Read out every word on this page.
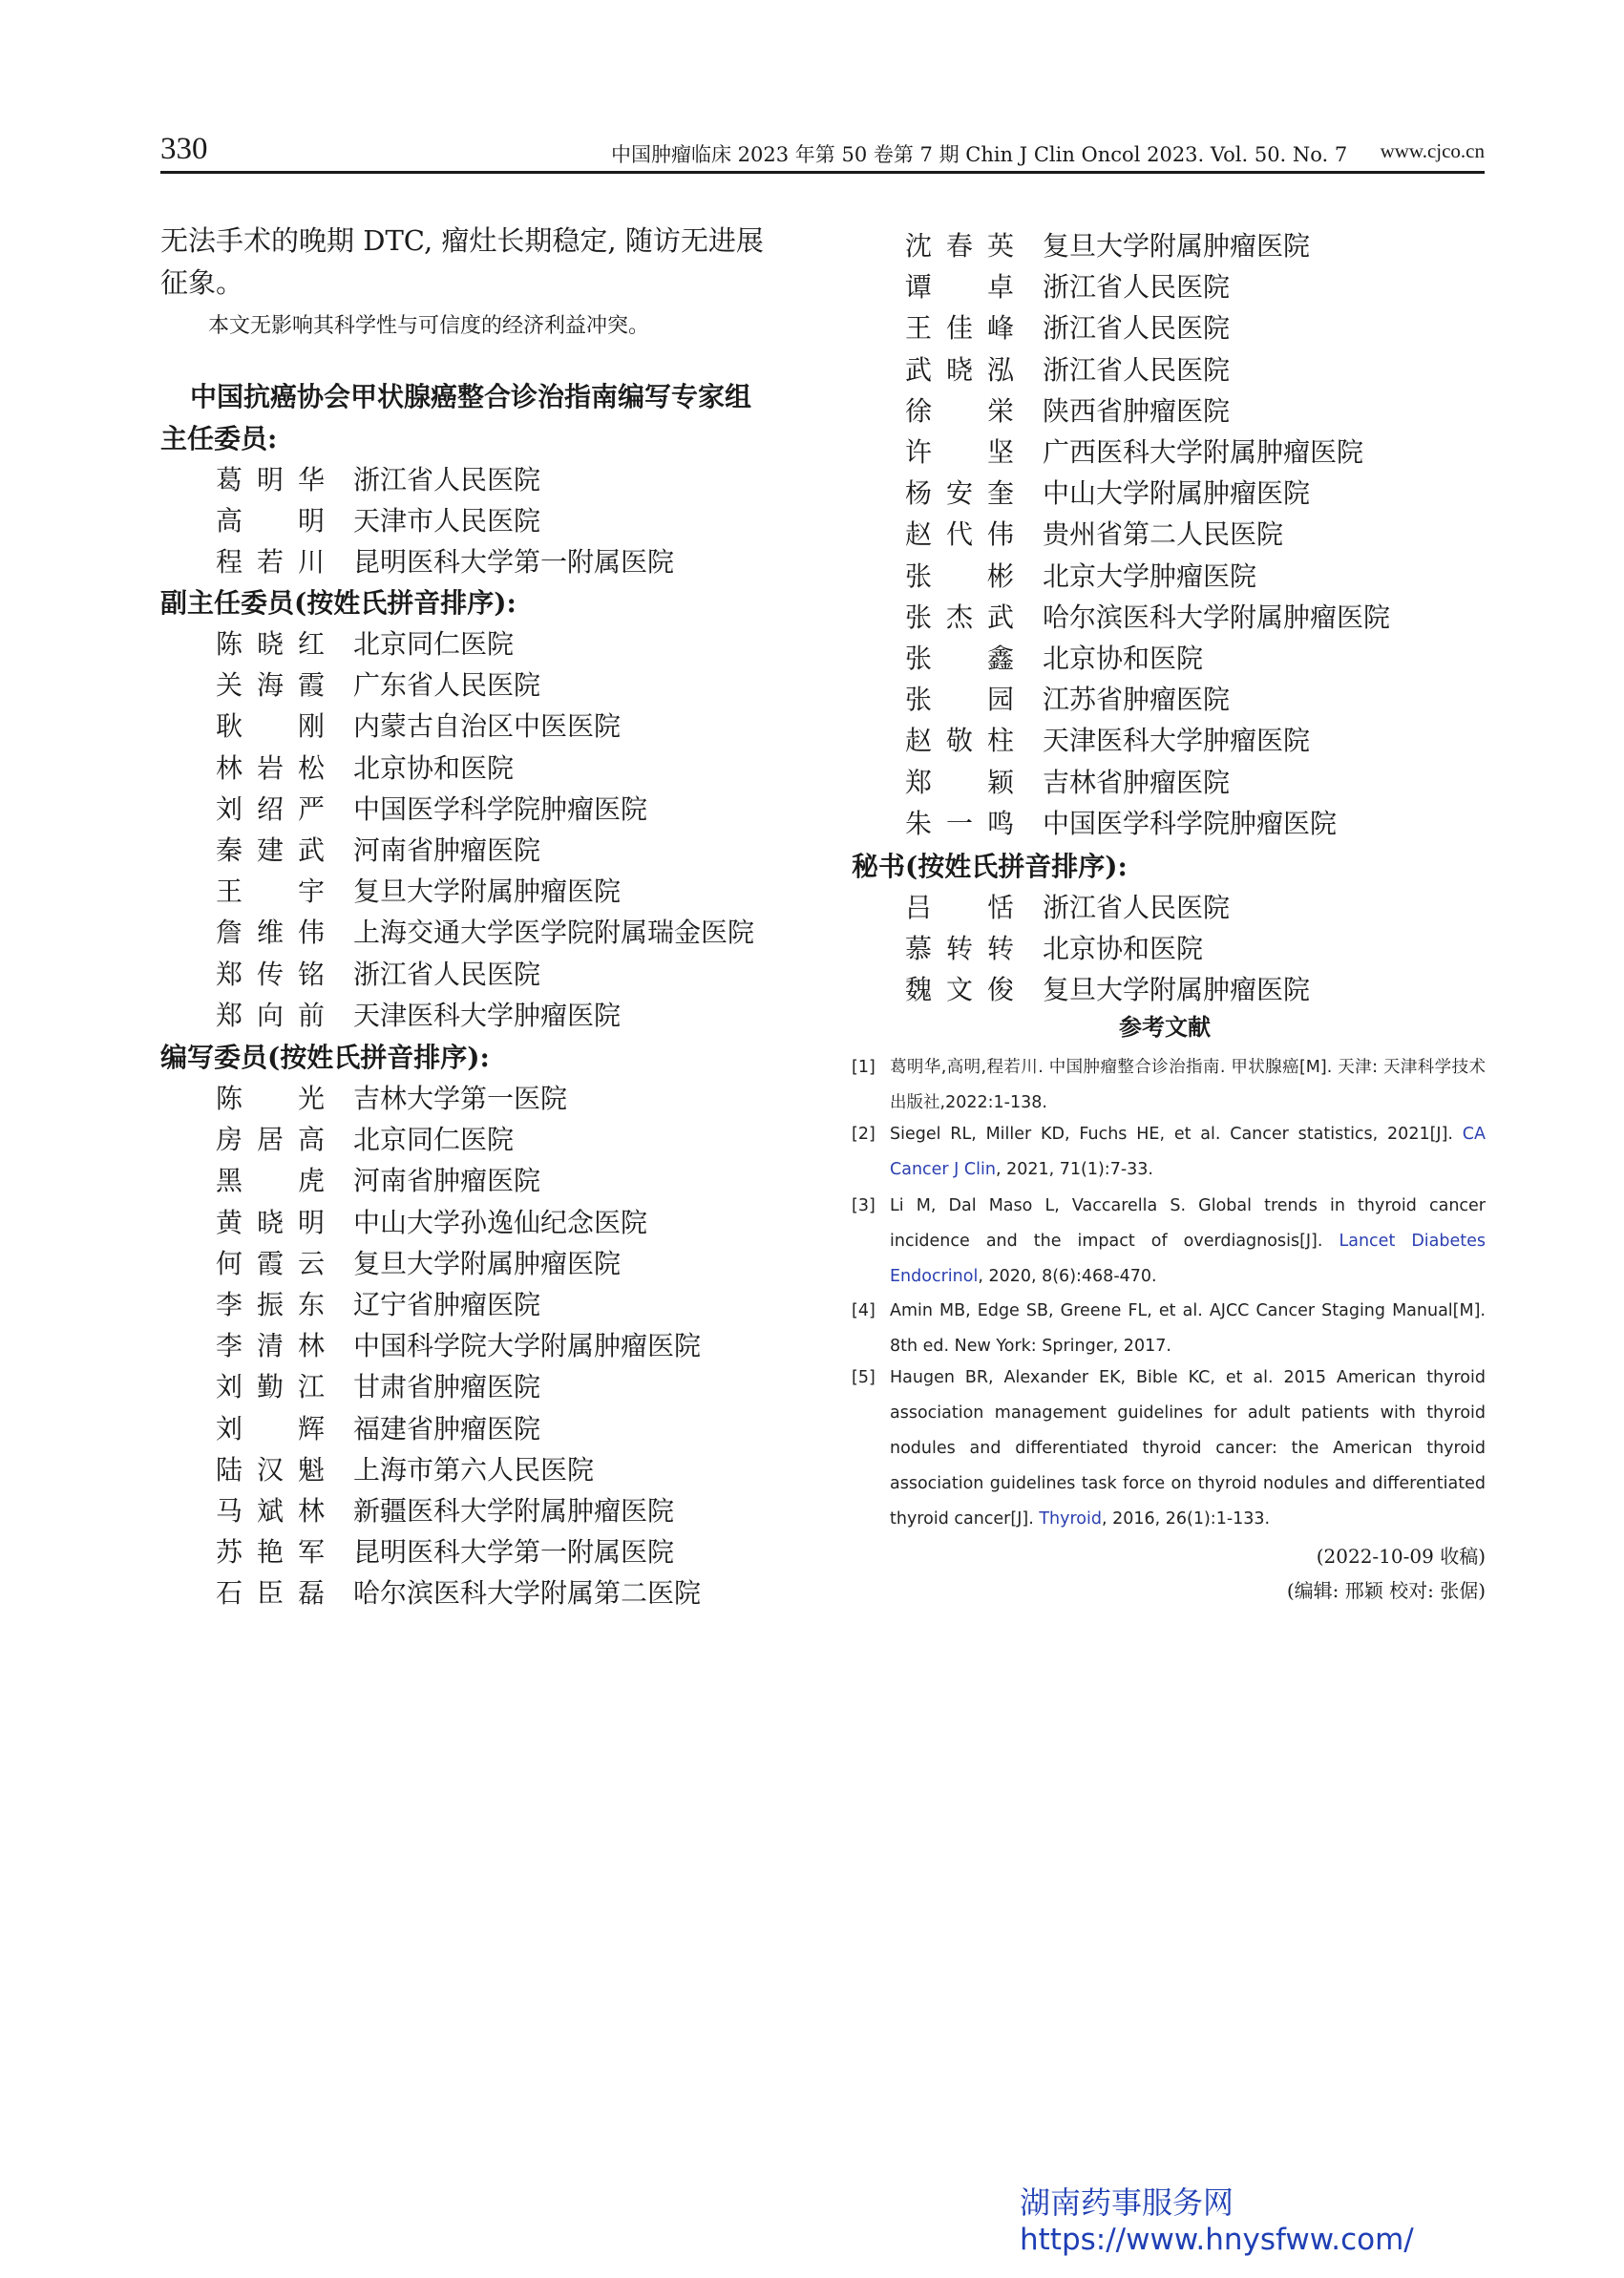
330	中国肿瘤临床 2023 年第 50 卷第 7 期 Chin J Clin Oncol 2023. Vol. 50. No. 7 www.cjco.cn
无法手术的晚期 DTC, 瘤灶长期稳定, 随访无进展
征象。
本文无影响其科学性与可信度的经济利益冲突。
中国抗癌协会甲状腺癌整合诊治指南编写专家组
主任委员:
葛明华 浙江省人民医院
高明 天津市人民医院
程若川 昆明医科大学第一附属医院
副主任委员(按姓氏拼音排序):
陈晓红 北京同仁医院
关海霞 广东省人民医院
耿刚 内蒙古自治区中医医院
林岩松 北京协和医院
刘绍严 中国医学科学院肿瘤医院
秦建武 河南省肿瘤医院
王宇 复旦大学附属肿瘤医院
詹维伟 上海交通大学医学院附属瑞金医院
郑传铭 浙江省人民医院
郑向前 天津医科大学肿瘤医院
编写委员(按姓氏拼音排序):
陈光 吉林大学第一医院
房居高 北京同仁医院
黑虎 河南省肿瘤医院
黄晓明 中山大学孙逸仙纪念医院
何霞云 复旦大学附属肿瘤医院
李振东 辽宁省肿瘤医院
李清林 中国科学院大学附属肿瘤医院
刘勤江 甘肃省肿瘤医院
刘辉 福建省肿瘤医院
陆汉魁 上海市第六人民医院
马斌林 新疆医科大学附属肿瘤医院
苏艳军 昆明医科大学第一附属医院
石臣磊 哈尔滨医科大学附属第二医院
沈春英 复旦大学附属肿瘤医院
谭卓 浙江省人民医院
王佳峰 浙江省人民医院
武晓泓 浙江省人民医院
徐栄 陕西省肿瘤医院
许坚 广西医科大学附属肿瘤医院
杨安奎 中山大学附属肿瘤医院
赵代伟 贵州省第二人民医院
张彬 北京大学肿瘤医院
张杰武 哈尔滨医科大学附属肿瘤医院
张鑫 北京协和医院
张园 江苏省肿瘤医院
赵敬柱 天津医科大学肿瘤医院
郑颖 吉林省肿瘤医院
朱一鸣 中国医学科学院肿瘤医院
秘书(按姓氏拼音排序):
吕恬 浙江省人民医院
慕转转 北京协和医院
魏文俊 复旦大学附属肿瘤医院
参考文献
[1] 葛明华,高明,程若川. 中国肿瘤整合诊治指南. 甲状腺癌[M]. 天津: 天津科学技术出版社,2022:1-138.
[2] Siegel RL, Miller KD, Fuchs HE, et al. Cancer statistics, 2021[J]. CA Cancer J Clin, 2021, 71(1):7-33.
[3] Li M, Dal Maso L, Vaccarella S. Global trends in thyroid cancer incidence and the impact of overdiagnosis[J]. Lancet Diabetes Endocrinol, 2020, 8(6):468-470.
[4] Amin MB, Edge SB, Greene FL, et al. AJCC Cancer Staging Manual[M]. 8th ed. New York: Springer, 2017.
[5] Haugen BR, Alexander EK, Bible KC, et al. 2015 American thyroid association management guidelines for adult patients with thyroid nodules and differentiated thyroid cancer: the American thyroid association guidelines task force on thyroid nodules and differentiated thyroid cancer[J]. Thyroid, 2016, 26(1):1-133.
(2022-10-09 收稿)
(编辑: 邢颖 校对: 张倨)
湖南药事服务网
https://www.hnysfww.com/
